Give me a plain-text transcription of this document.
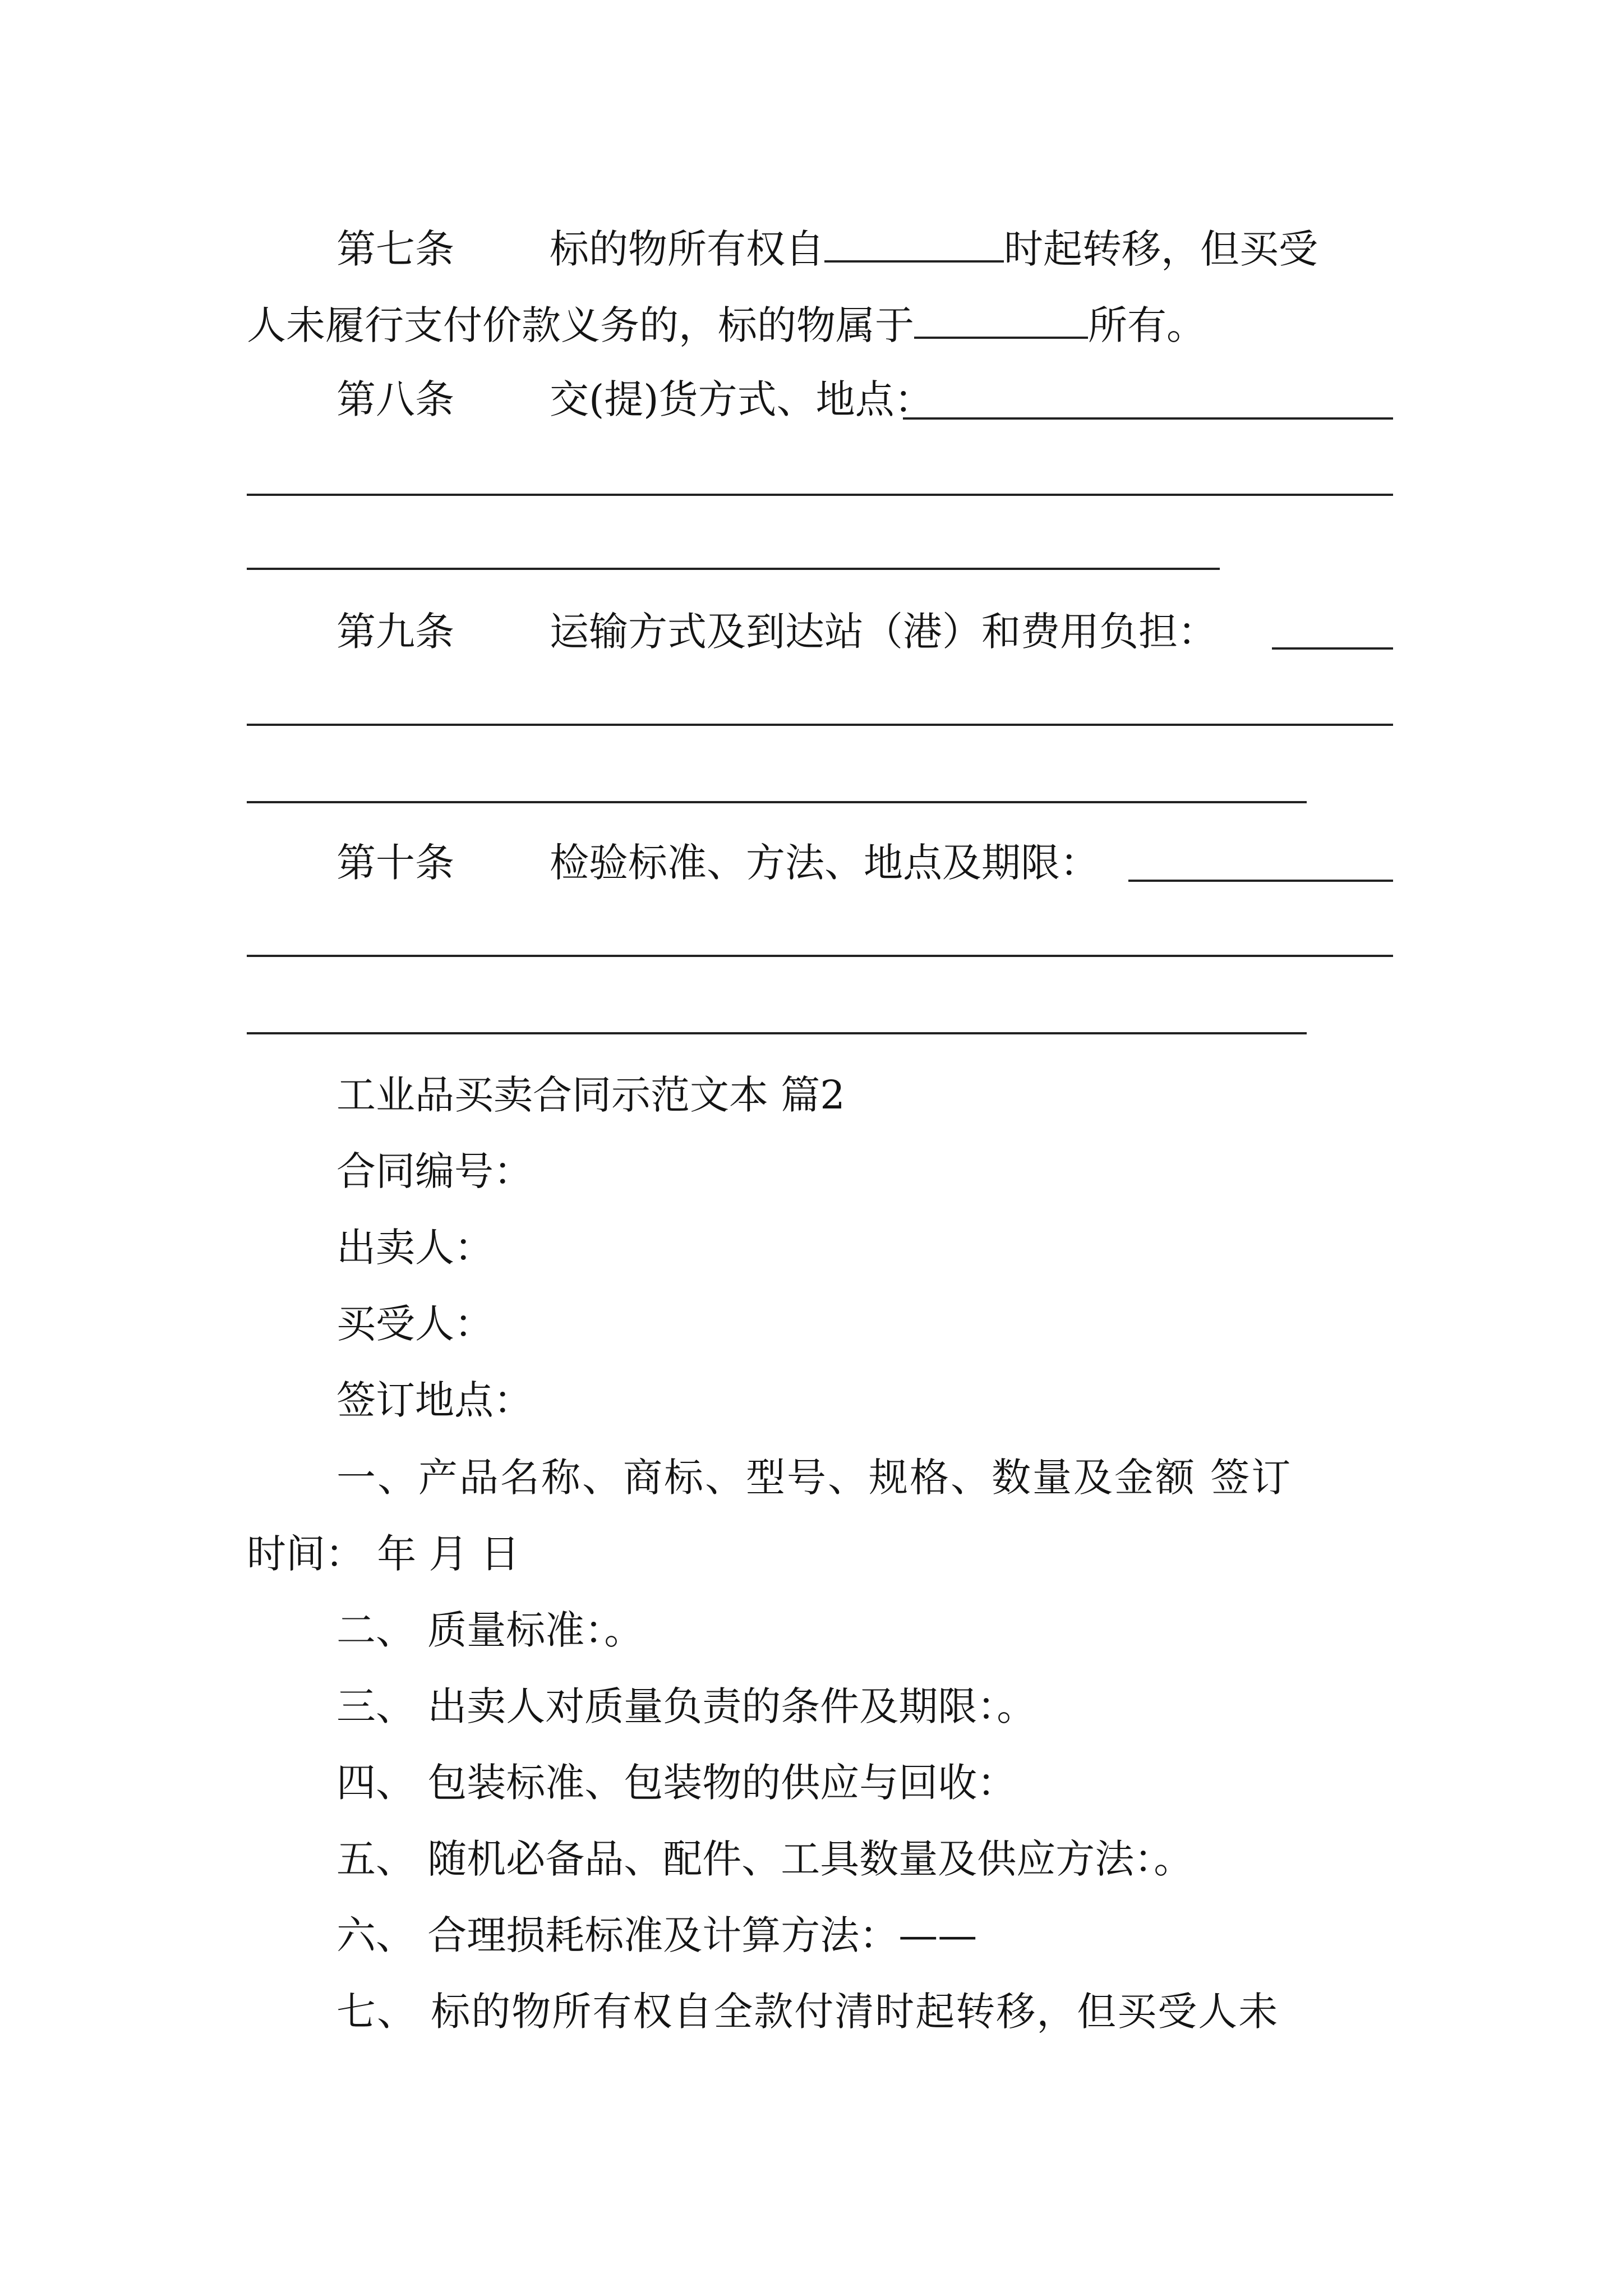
第七条 标的物所有权自	时起转移，但买受
人未履行支付价款义务的，标的物属于	所有。
第八条 交(提)货方式、地点：
第九条 运输方式及到达站（港）和费用负担：
第十条 检验标准、方法、地点及期限：
工业品买卖合同示范文本 篇2
合同编号：
出卖人：
买受人：
签订地点：
一、产品名称、商标、型号、规格、数量及金额 签订
时间： 年 月 日
二、 质量标准：。
三、 出卖人对质量负责的条件及期限：。
四、 包装标准、包装物的供应与回收：
五、 随机必备品、配件、工具数量及供应方法：。
六、 合理损耗标准及计算方法：——
七、 标的物所有权自全款付清时起转移，但买受人未
